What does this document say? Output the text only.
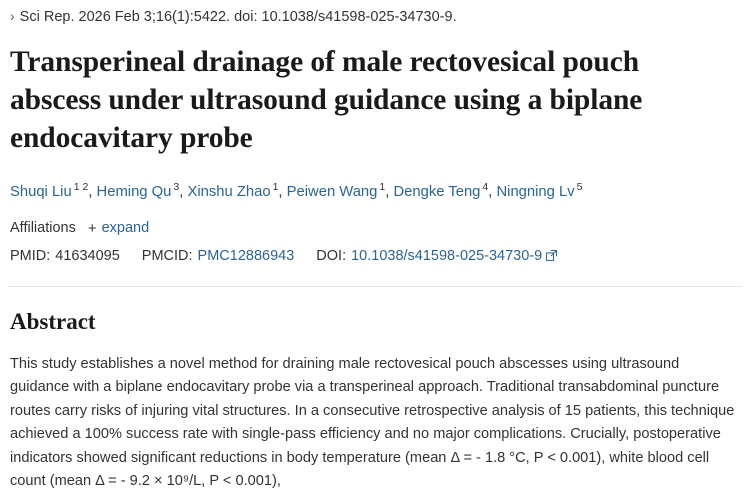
› Sci Rep . 2026 Feb 3;16(1):5422. doi: 10.1038/s41598-025-34730-9.
Transperineal drainage of male rectovesical pouch abscess under ultrasound guidance using a biplane endocavitary probe
Shuqi Liu $^{1 2}$, Heming Qu $^3$, Xinshu Zhao $^1$, Peiwen Wang $^1$, Dengke Teng $^4$, Ningning Lv $^5$
Affiliations + expand
PMID: 41634095 PMCID: PMC12886943 DOI: 10.1038/s41598-025-34730-9
Abstract

This study establishes a novel method for draining male rectovesical pouch abscesses using ultrasound guidance with a biplane endocavitary probe via a transperineal approach. Traditional transabdominal puncture routes carry risks of injuring vital structures. In a consecutive retrospective analysis of 15 patients, this technique achieved a 100% success rate with single-pass efficiency and no major complications. Crucially, postoperative indicators showed significant reductions in body temperature (mean Δ = - 1.8 °C, P < 0.001), white blood cell count (mean Δ = - 9.2 × 10⁹/L, P < 0.001),
